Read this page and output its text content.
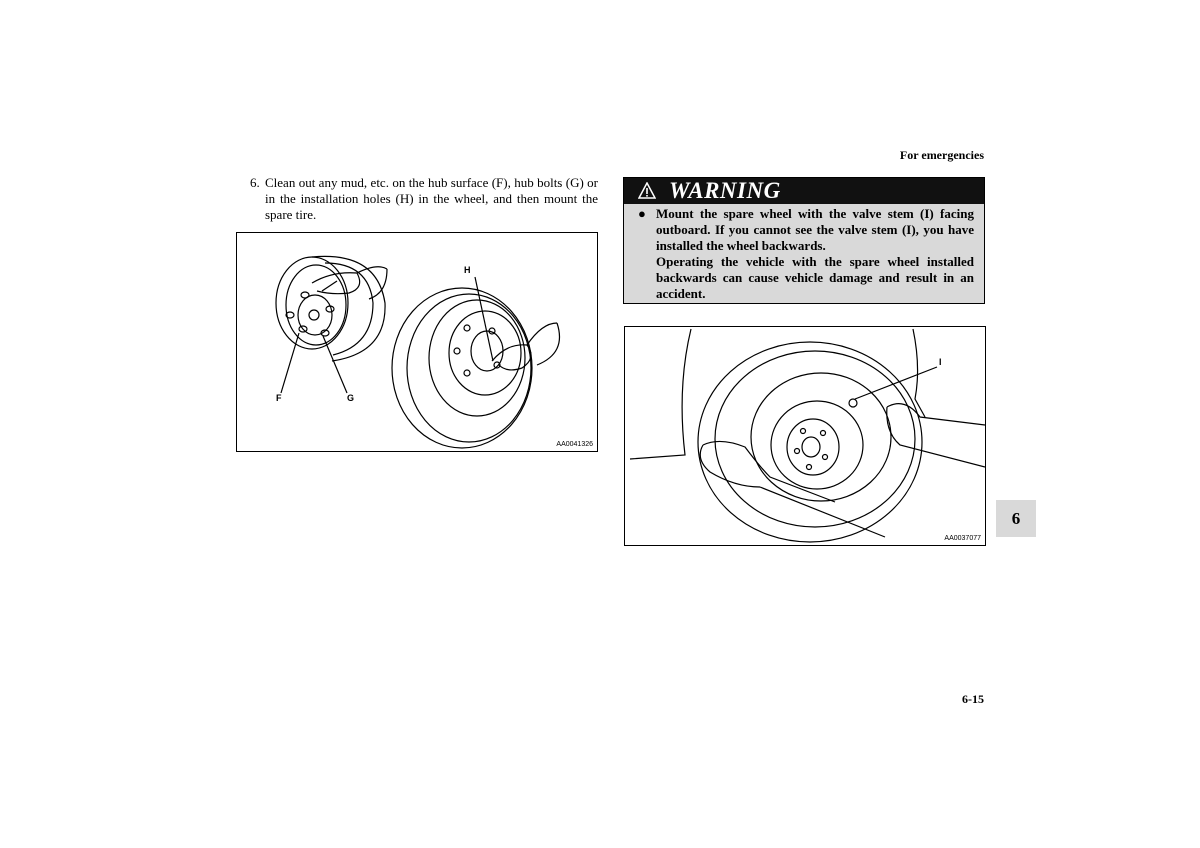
For emergencies
6. Clean out any mud, etc. on the hub surface (F), hub bolts (G) or in the installation holes (H) in the wheel, and then mount the spare tire.
H
F	G
AA0041326
WARNING
● Mount the spare wheel with the valve stem (I) facing outboard. If you cannot see the valve stem (I), you have installed the wheel backwards.

Operating the vehicle with the spare wheel installed backwards can cause vehicle damage and result in an accident.

I
AA0037077
6
6-15
